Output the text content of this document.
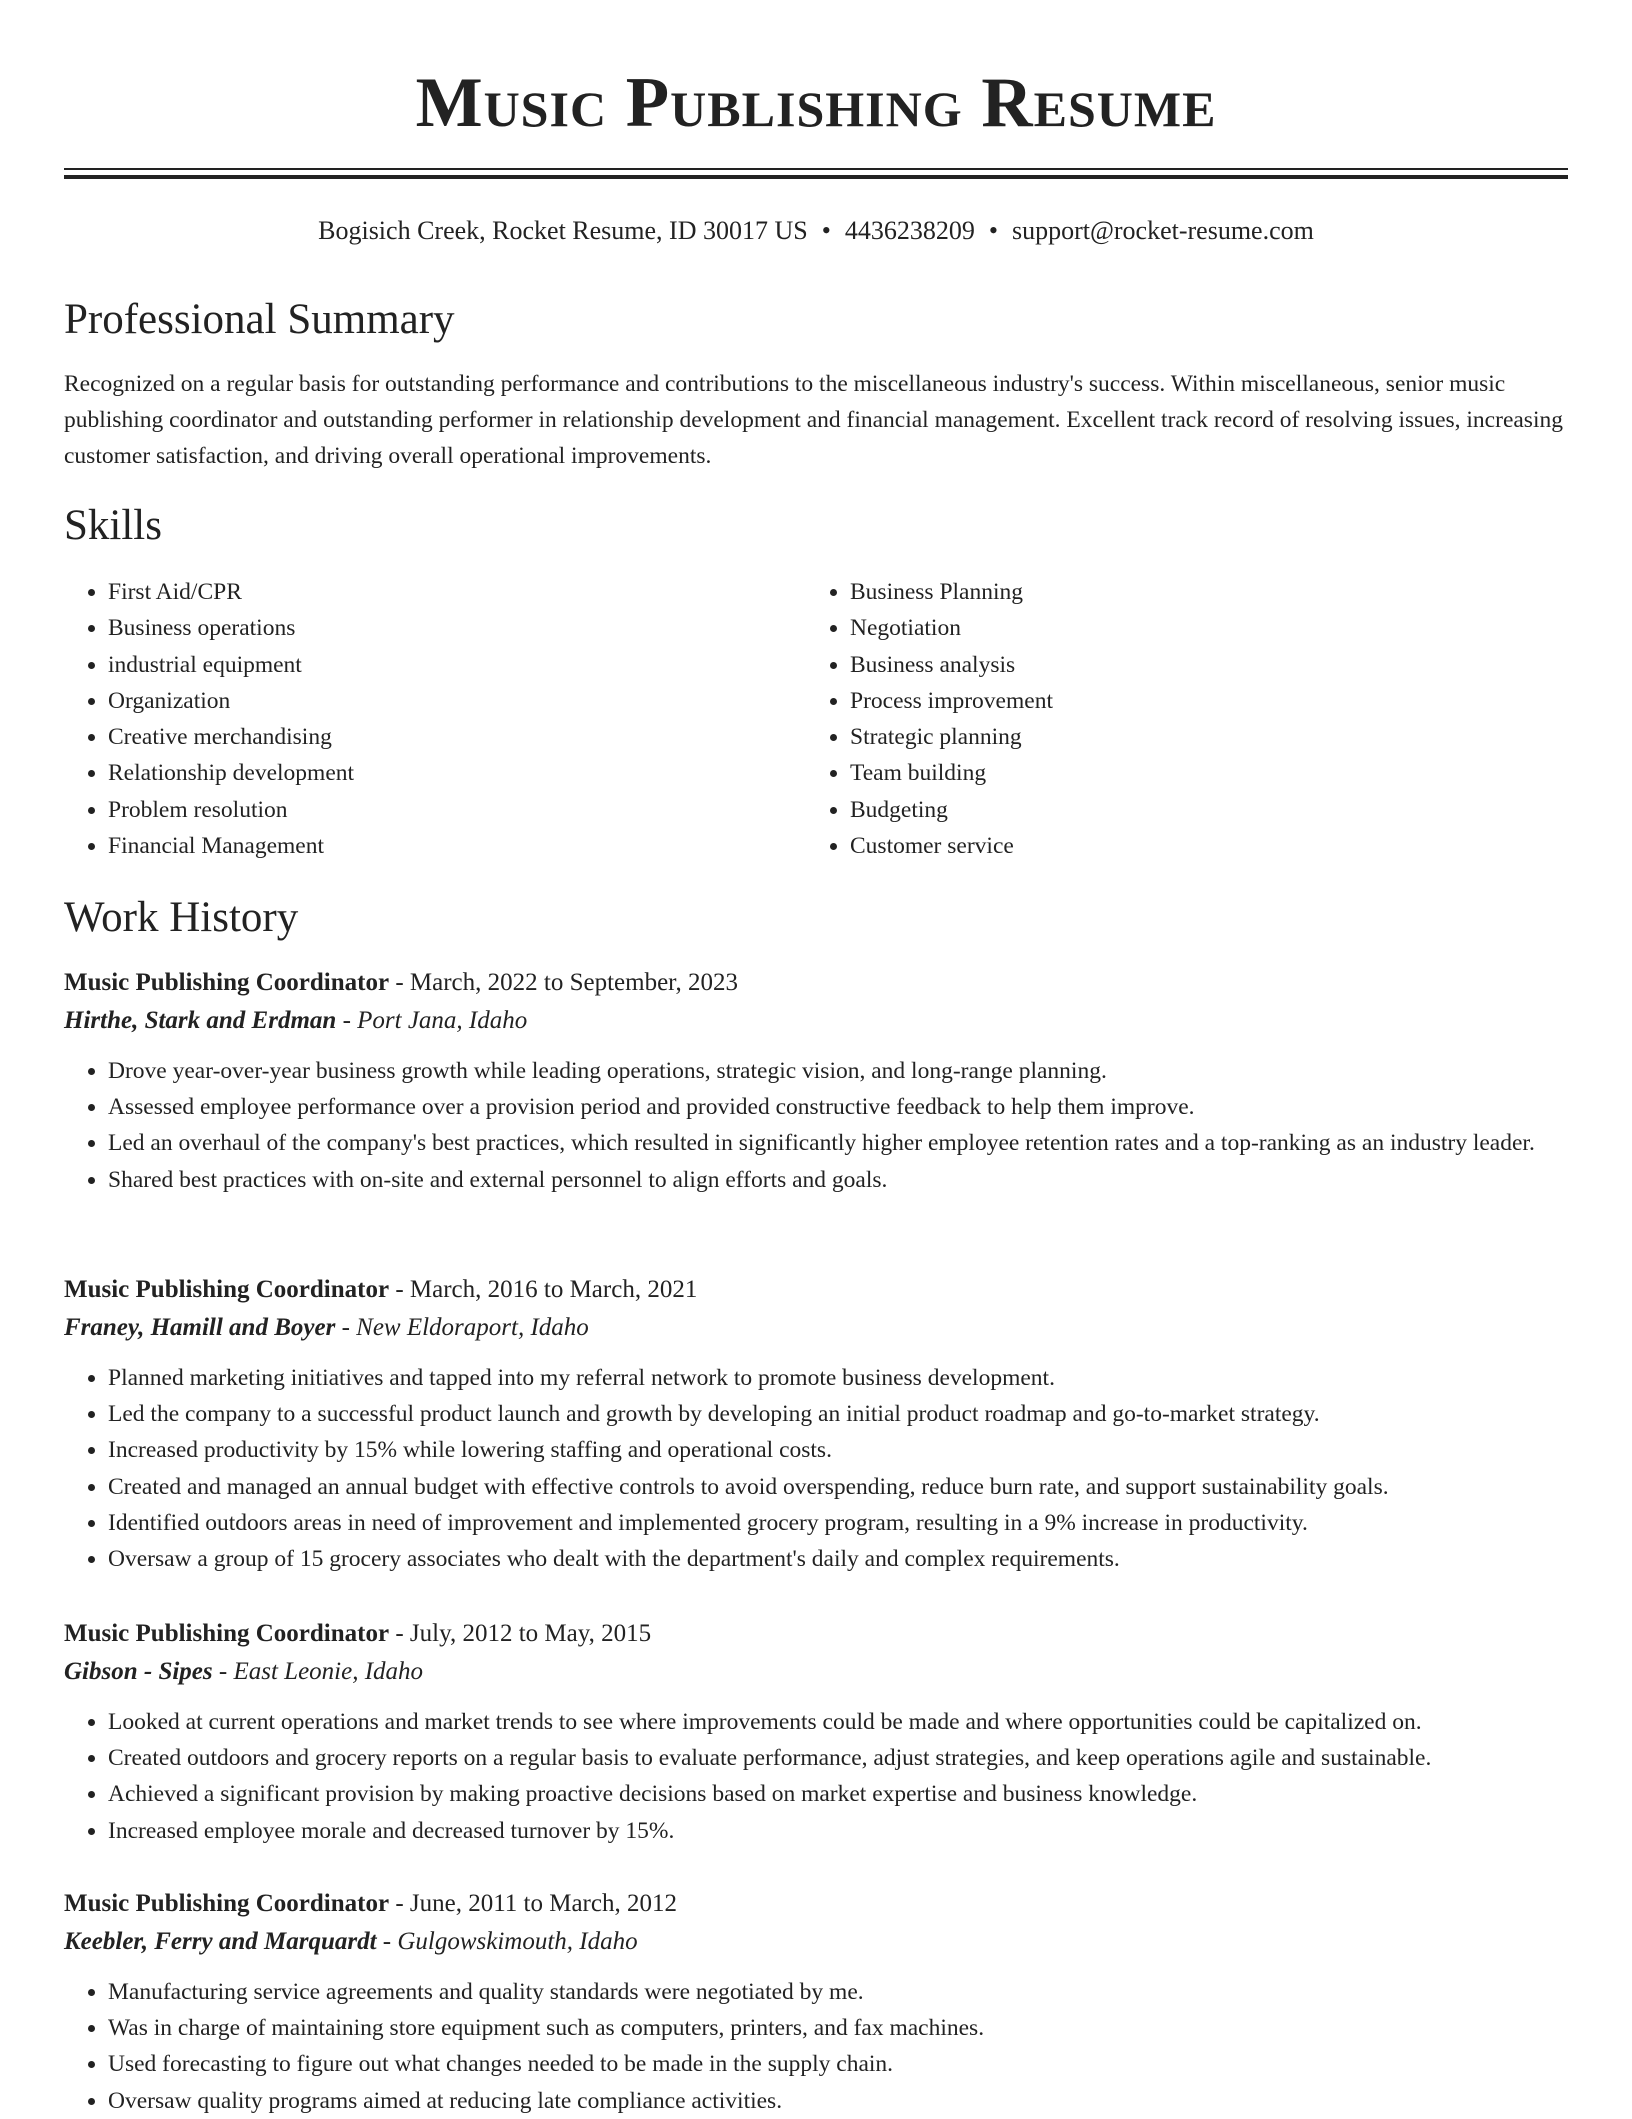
Music Publishing Resume
Bogisich Creek, Rocket Resume, ID 30017 US • 4436238209 • support@rocket-resume.com
Professional Summary

Recognized on a regular basis for outstanding performance and contributions to the miscellaneous industry's success. Within miscellaneous, senior music publishing coordinator and outstanding performer in relationship development and financial management. Excellent track record of resolving issues, increasing customer satisfaction, and driving overall operational improvements.

Skills
• First Aid/CPR
• Business operations
• industrial equipment
• Organization
• Creative merchandising
• Relationship development
• Problem resolution
• Financial Management
• Business Planning
• Negotiation
• Business analysis
• Process improvement
• Strategic planning
• Team building
• Budgeting
• Customer service
Work History
Music Publishing Coordinator - March, 2022 to September, 2023
Hirthe, Stark and Erdman - Port Jana, Idaho
• Drove year-over-year business growth while leading operations, strategic vision, and long-range planning.
• Assessed employee performance over a provision period and provided constructive feedback to help them improve.
• Led an overhaul of the company's best practices, which resulted in significantly higher employee retention rates and a top-ranking as an industry leader.
• Shared best practices with on-site and external personnel to align efforts and goals.
Music Publishing Coordinator - March, 2016 to March, 2021
Franey, Hamill and Boyer - New Eldoraport, Idaho
• Planned marketing initiatives and tapped into my referral network to promote business development.
• Led the company to a successful product launch and growth by developing an initial product roadmap and go-to-market strategy.
• Increased productivity by 15% while lowering staffing and operational costs.
• Created and managed an annual budget with effective controls to avoid overspending, reduce burn rate, and support sustainability goals.
• Identified outdoors areas in need of improvement and implemented grocery program, resulting in a 9% increase in productivity.
• Oversaw a group of 15 grocery associates who dealt with the department's daily and complex requirements.
Music Publishing Coordinator - July, 2012 to May, 2015
Gibson - Sipes - East Leonie, Idaho
• Looked at current operations and market trends to see where improvements could be made and where opportunities could be capitalized on.
• Created outdoors and grocery reports on a regular basis to evaluate performance, adjust strategies, and keep operations agile and sustainable.
• Achieved a significant provision by making proactive decisions based on market expertise and business knowledge.
• Increased employee morale and decreased turnover by 15%.
Music Publishing Coordinator - June, 2011 to March, 2012
Keebler, Ferry and Marquardt - Gulgowskimouth, Idaho
• Manufacturing service agreements and quality standards were negotiated by me.
• Was in charge of maintaining store equipment such as computers, printers, and fax machines.
• Used forecasting to figure out what changes needed to be made in the supply chain.
• Oversaw quality programs aimed at reducing late compliance activities.
